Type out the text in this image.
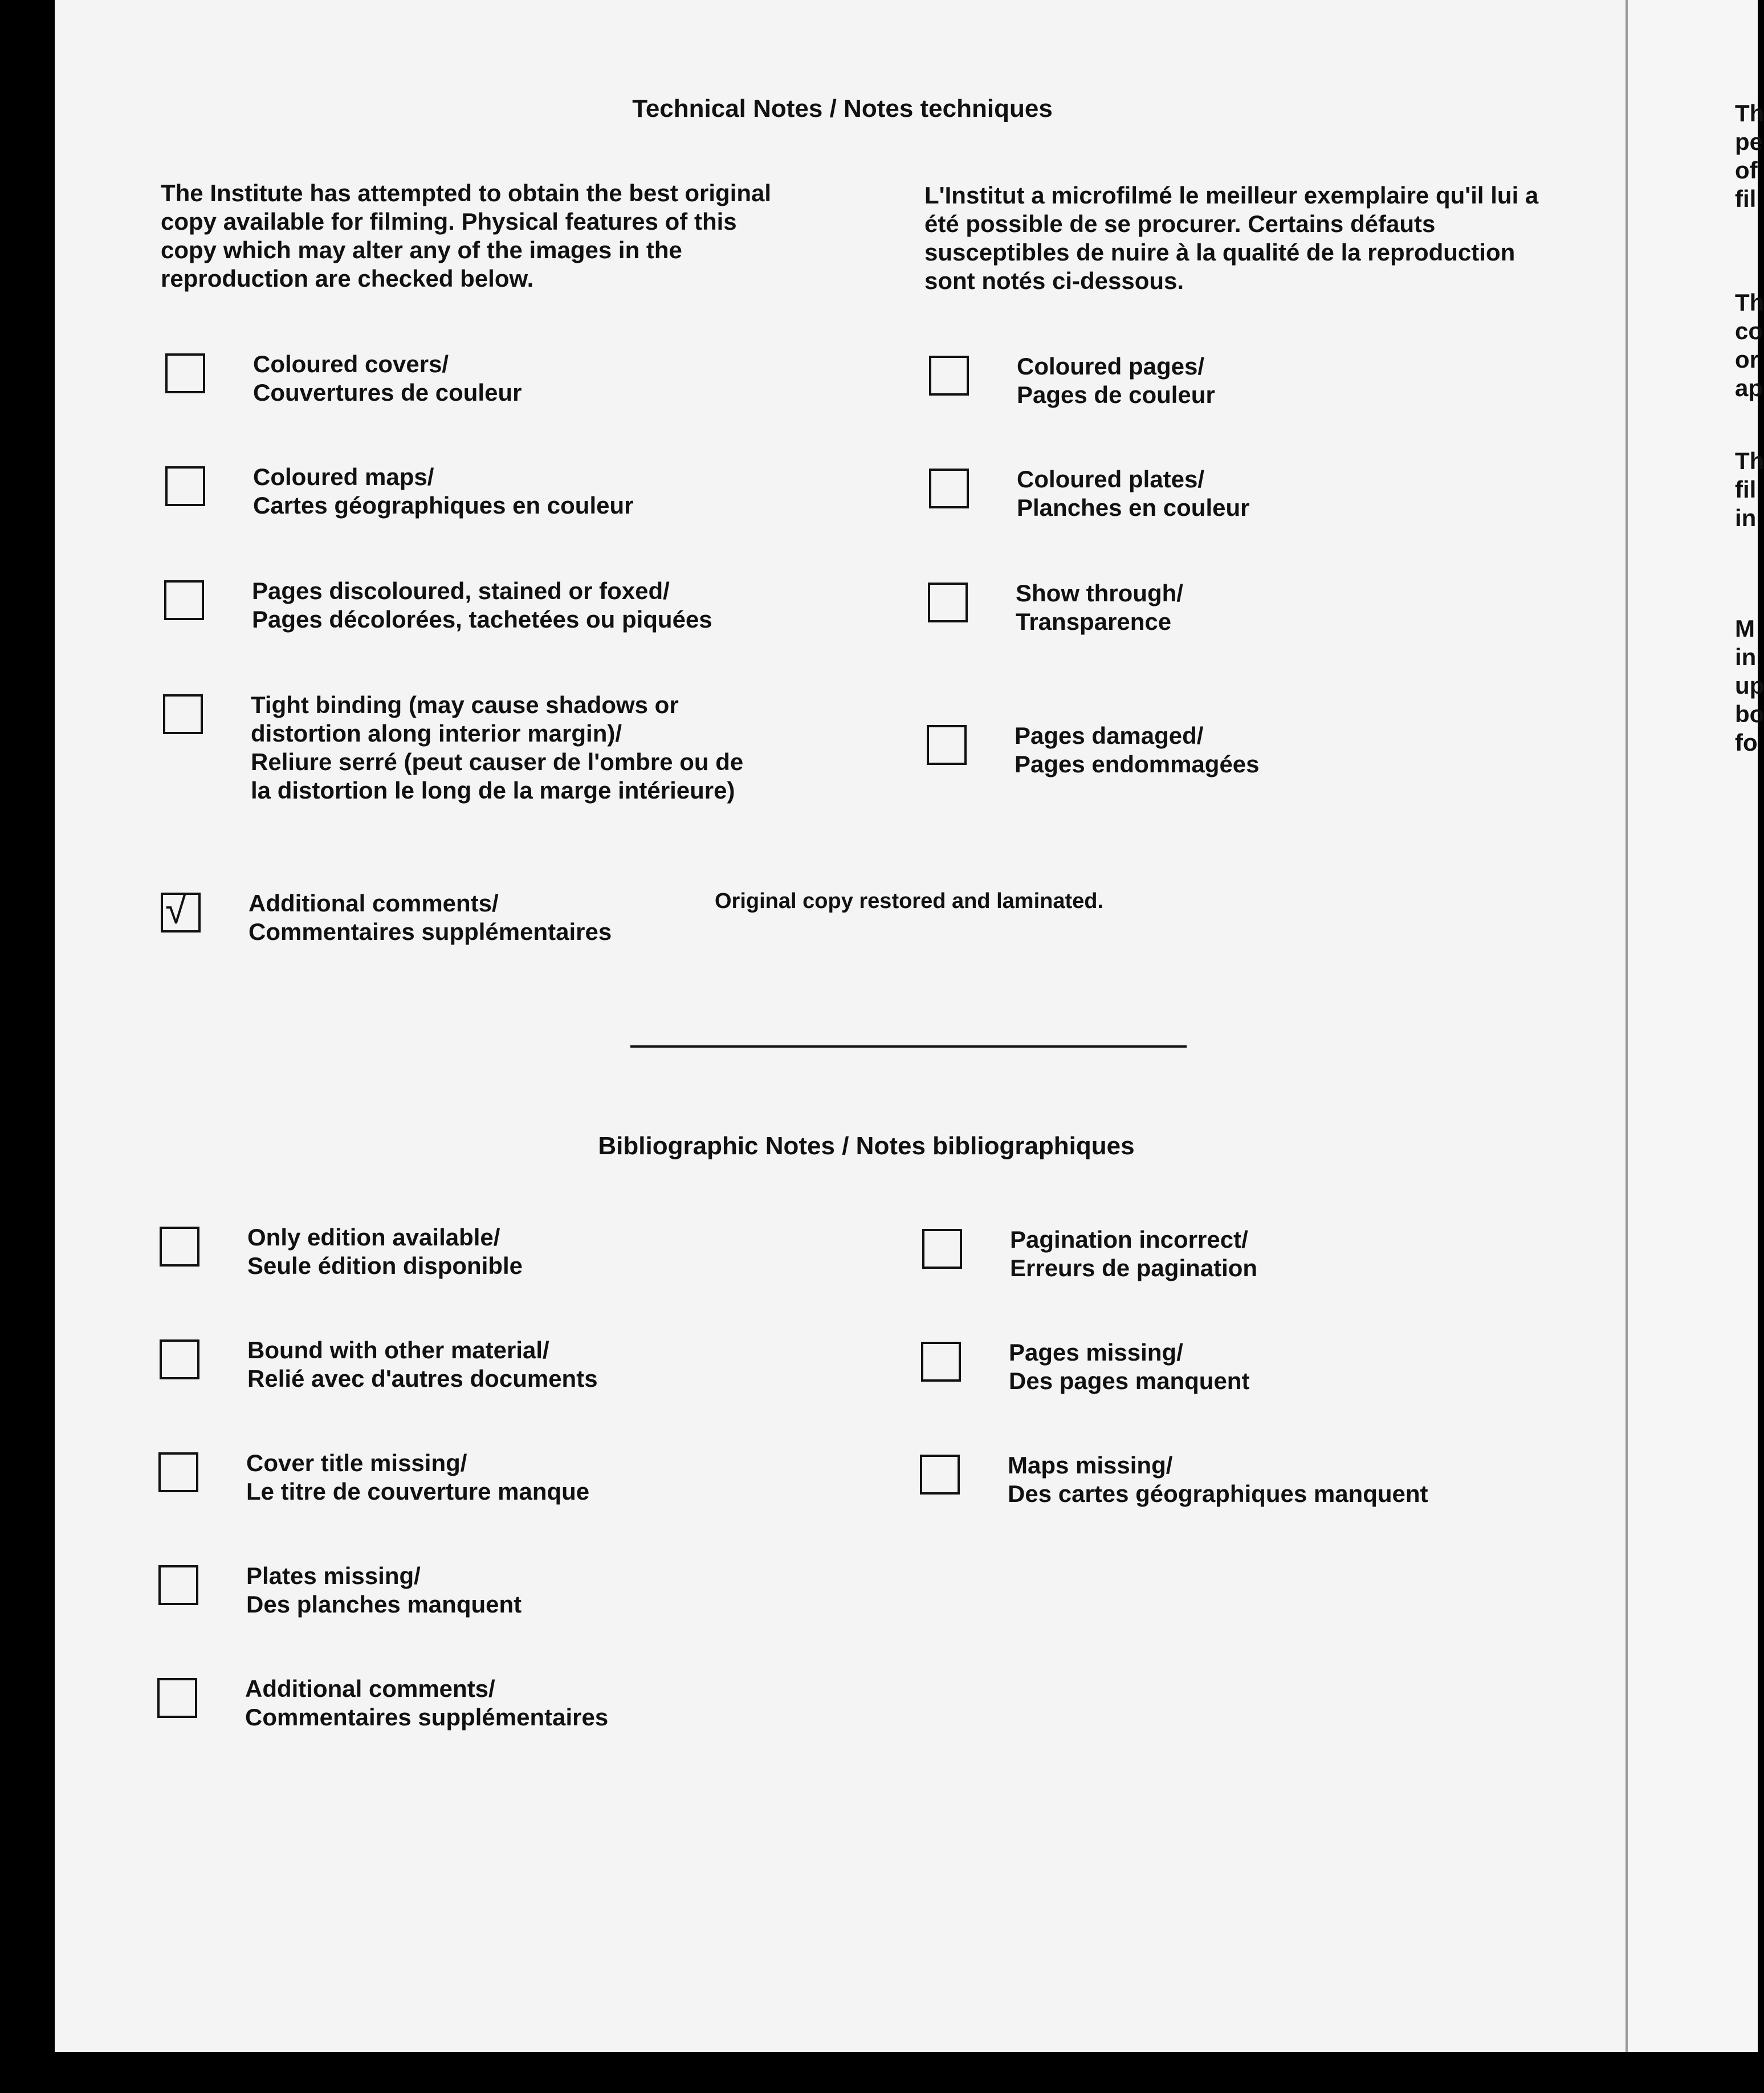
Technical Notes / Notes techniques
The Institute has attempted to obtain the best original copy available for filming. Physical features of this copy which may alter any of the images in the reproduction are checked below.
L'Institut a microfilmé le meilleur exemplaire qu'il lui a été possible de se procurer. Certains défauts susceptibles de nuire à la qualité de la reproduction sont notés ci-dessous.
Coloured covers/
Couvertures de couleur
Coloured maps/
Cartes géographiques en couleur
Pages discoloured, stained or foxed/
Pages décolorées, tachetées ou piquées
Tight binding (may cause shadows or distortion along interior margin)/
Reliure serré (peut causer de l'ombre ou de la distortion le long de la marge intérieure)
Coloured pages/
Pages de couleur
Coloured plates/
Planches en couleur
Show through/
Transparence
Pages damaged/
Pages endommagées
√	Additional comments/
Commentaires supplémentaires
Original copy restored and laminated.
Bibliographic Notes / Notes bibliographiques
Only edition available/
Seule édition disponible
Bound with other material/
Relié avec d'autres documents
Cover title missing/
Le titre de couverture manque
Plates missing/
Des planches manquent
Additional comments/
Commentaires supplémentaires
Pagination incorrect/
Erreurs de pagination
Pages missing/
Des pages manquent
Maps missing/
Des cartes géographiques manquent
Th
pe
of
fil
Th
co
or
ap
Th
fil
in
M
in
up
bo
fo
